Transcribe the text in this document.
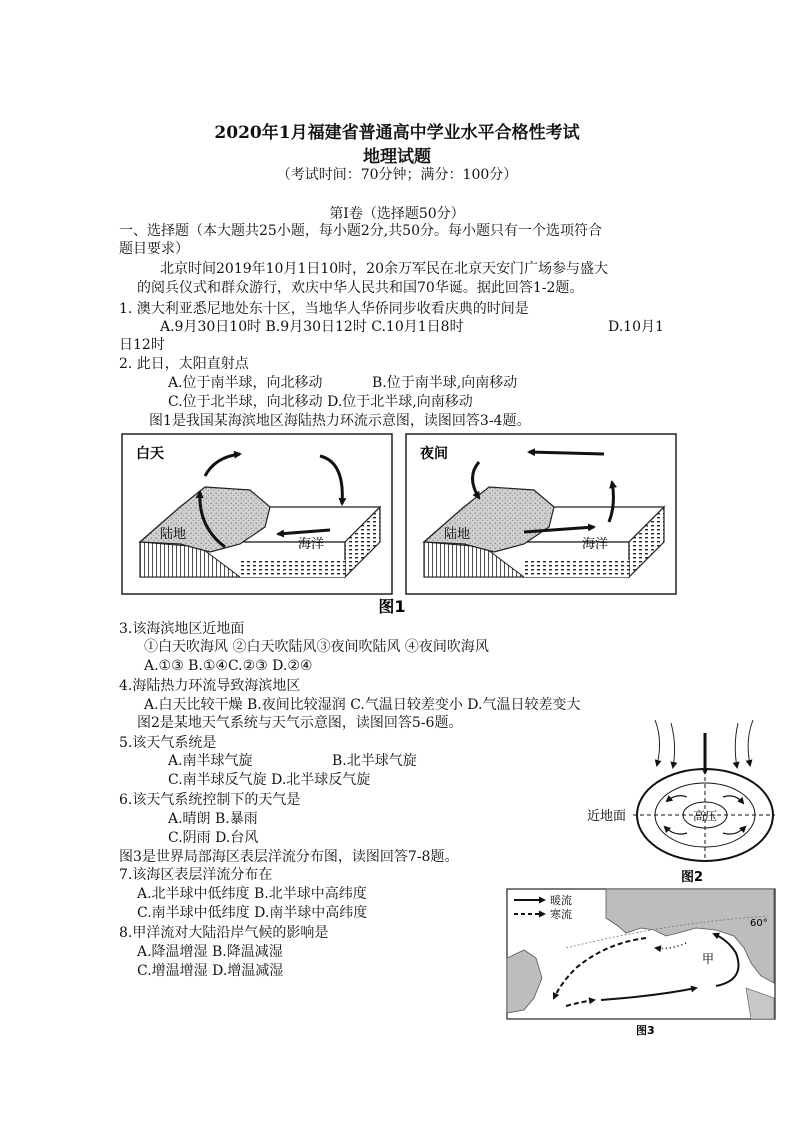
2020年1月福建省普通高中学业水平合格性考试
地理试题
（考试时间：70分钟；满分：100分）
第Ⅰ卷（选择题50分）
一、选择题（本大题共25小题，每小题2分,共50分。每小题只有一个选项符合
题目要求）
北京时间2019年10月1日10时，20余万军民在北京天安门广场参与盛大
的阅兵仪式和群众游行，欢庆中华人民共和国70华诞。据此回答1-2题。
1. 澳大利亚悉尼地处东十区，当地华人华侨同步收看庆典的时间是
A.9月30日10时 B.9月30日12时 C.10月1日8时	D.10月1
日12时
2. 此日，太阳直射点
A.位于南半球，向北移动	B.位于南半球,向南移动
C.位于北半球，向北移动 D.位于北半球,向南移动
图1是我国某海滨地区海陆热力环流示意图，读图回答3-4题。
白天
陆地
海洋
夜间
陆地
海洋
图1
3.该海滨地区近地面
①白天吹海风 ②白天吹陆风③夜间吹陆风 ④夜间吹海风
A.①③ B.①④C.②③ D.②④
4.海陆热力环流导致海滨地区
A.白天比较干燥 B.夜间比较湿润 C.气温日较差变小 D.气温日较差变大
图2是某地天气系统与天气示意图，读图回答5-6题。
5.该天气系统是
A.南半球气旋	B.北半球气旋
C.南半球反气旋 D.北半球反气旋
6.该天气系统控制下的天气是
A.晴朗 B.暴雨
C.阴雨 D.台风
图3是世界局部海区表层洋流分布图，读图回答7-8题。
7.该海区表层洋流分布在
A.北半球中低纬度 B.北半球中高纬度
C.南半球中低纬度 D.南半球中高纬度
8.甲洋流对大陆沿岸气候的影响是
A.降温增湿 B.降温减湿
C.增温增湿 D.增温减湿
高压
近地面
图2
60°
暖流
寒流
甲
图3
